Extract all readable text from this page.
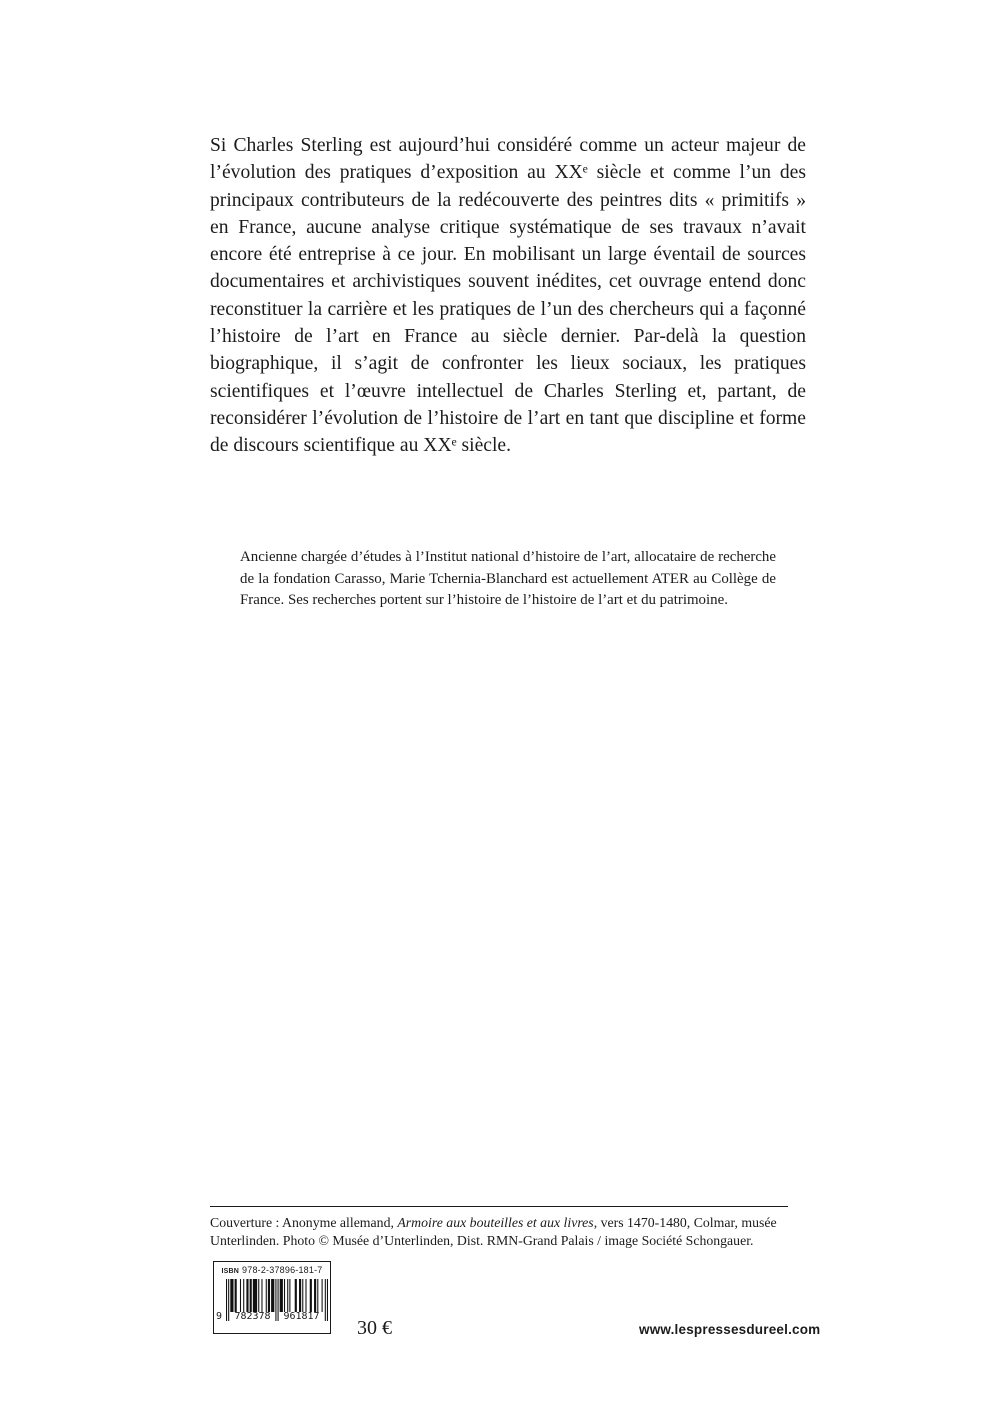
Si Charles Sterling est aujourd’hui considéré comme un acteur majeur de l’évolution des pratiques d’exposition au XXᵉ siècle et comme l’un des principaux contributeurs de la redécouverte des peintres dits « primitifs » en France, aucune analyse critique systématique de ses travaux n’avait encore été entreprise à ce jour. En mobilisant un large éventail de sources documentaires et archivistiques souvent inédites, cet ouvrage entend donc reconstituer la carrière et les pratiques de l’un des chercheurs qui a façonné l’histoire de l’art en France au siècle dernier. Par-delà la question biographique, il s’agit de confronter les lieux sociaux, les pratiques scientifiques et l’œuvre intellectuel de Charles Sterling et, partant, de reconsidérer l’évolution de l’histoire de l’art en tant que discipline et forme de discours scientifique au XXᵉ siècle.

Ancienne chargée d’études à l’Institut national d’histoire de l’art, allocataire de recherche de la fondation Carasso, Marie Tchernia-Blanchard est actuellement ATER au Collège de France. Ses recherches portent sur l’histoire de l’histoire de l’art et du patrimoine.

Couverture : Anonyme allemand, Armoire aux bouteilles et aux livres, vers 1470-1480, Colmar, musée Unterlinden. Photo © Musée d’Unterlinden, Dist. RMN-Grand Palais / image Société Schongauer.

ISBN 978-2-37896-181-7
9	782378	961817
30 €	www.lespressesdureel.com
